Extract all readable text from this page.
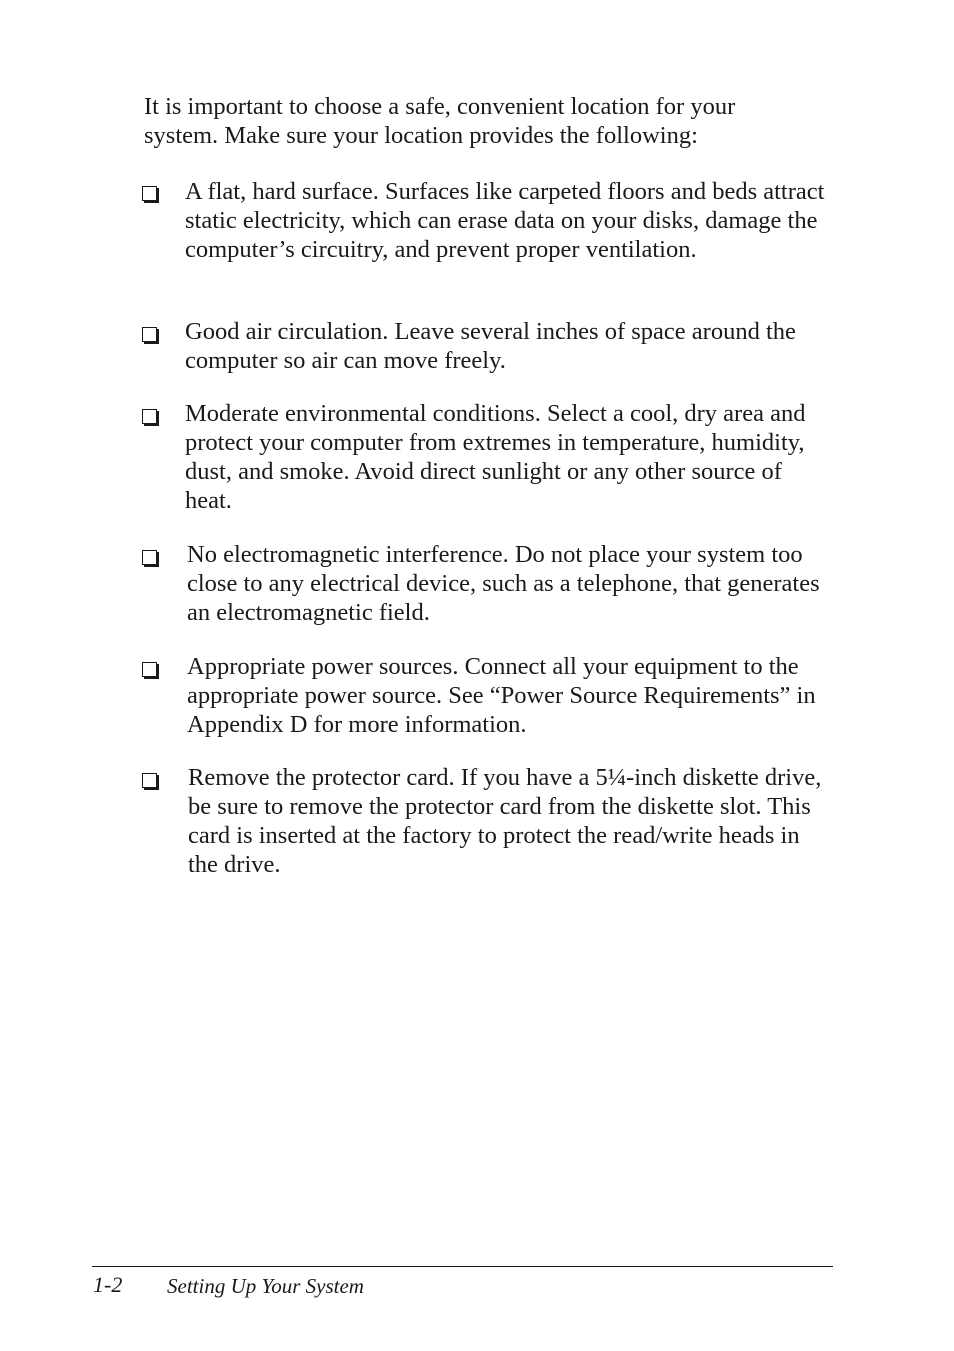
It is important to choose a safe, convenient location for your system. Make sure your location provides the following:

A flat, hard surface. Surfaces like carpeted floors and beds attract static electricity, which can erase data on your disks, damage the computer’s circuitry, and prevent proper ventilation.

Good air circulation. Leave several inches of space around the computer so air can move freely.

Moderate environmental conditions. Select a cool, dry area and protect your computer from extremes in temperature, humidity, dust, and smoke. Avoid direct sunlight or any other source of heat.

No electromagnetic interference. Do not place your system too close to any electrical device, such as a telephone, that generates an electromagnetic field.

Appropriate power sources. Connect all your equipment to the appropriate power source. See “Power Source Requirements” in Appendix D for more information.

Remove the protector card. If you have a 5¼-inch diskette drive, be sure to remove the protector card from the diskette slot. This card is inserted at the factory to protect the read/write heads in the drive.

1-2 Setting Up Your System
